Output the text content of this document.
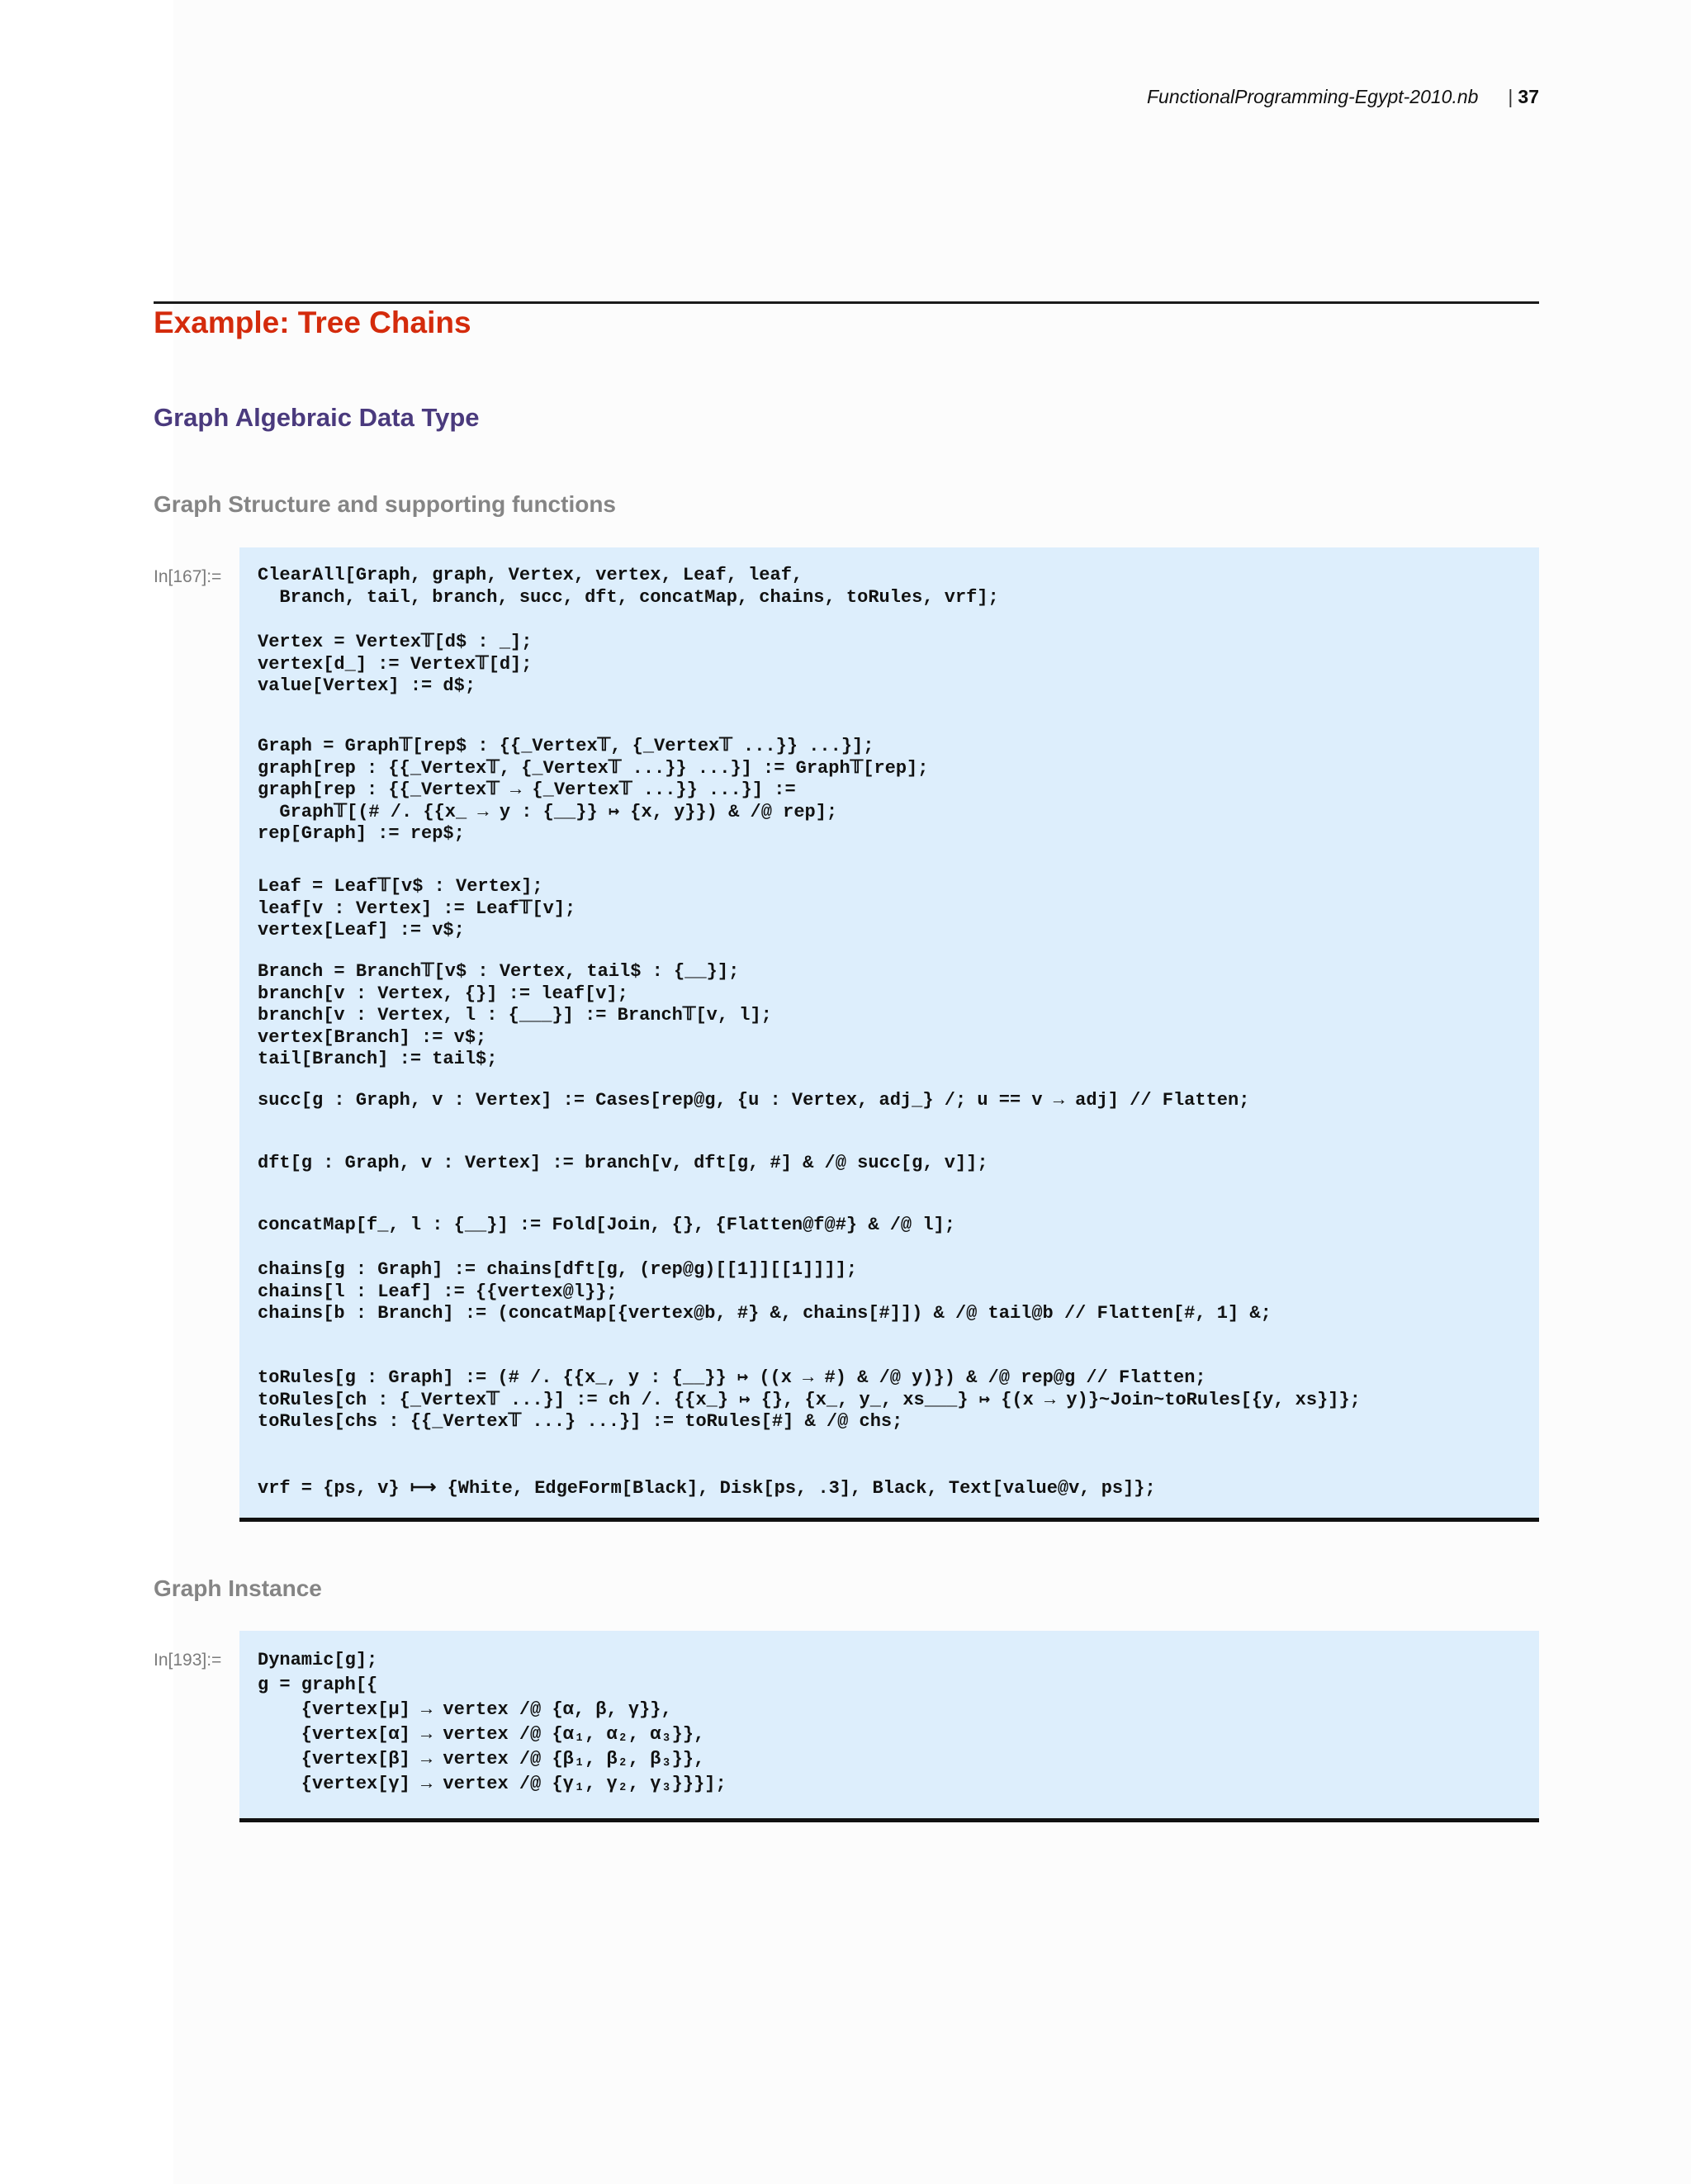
FunctionalProgramming-Egypt-2010.nb | 37
Example: Tree Chains
Graph Algebraic Data Type
Graph Structure and supporting functions
In[167]:= ClearAll[Graph, graph, Vertex, vertex, Leaf, leaf,
Branch, tail, branch, succ, dft, concatMap, chains, toRules, vrf];
Vertex = Vertex𝕋[d$ : _];
vertex[d_] := Vertex𝕋[d];
value[Vertex] := d$;
Graph = Graph𝕋[rep$ : {{_Vertex𝕋, {_Vertex𝕋 ...}} ...}];
graph[rep : {{_Vertex𝕋, {_Vertex𝕋 ...}} ...}] := Graph𝕋[rep];
graph[rep : {{_Vertex𝕋 → {_Vertex𝕋 ...}} ...}] :=
Graph𝕋[(# /. {{x_ → y : {__}} ↦ {x, y}}) & /@ rep];
rep[Graph] := rep$;
Leaf = Leaf𝕋[v$ : Vertex];
leaf[v : Vertex] := Leaf𝕋[v];
vertex[Leaf] := v$;
Branch = Branch𝕋[v$ : Vertex, tail$ : {__}];
branch[v : Vertex, {}] := leaf[v];
branch[v : Vertex, l : {___}] := Branch𝕋[v, l];
vertex[Branch] := v$;
tail[Branch] := tail$;
succ[g : Graph, v : Vertex] := Cases[rep@g, {u : Vertex, adj_} /; u == v → adj] // Flatten;
dft[g : Graph, v : Vertex] := branch[v, dft[g, #] & /@ succ[g, v]];
concatMap[f_, l : {__}] := Fold[Join, {}, {Flatten@f@#} & /@ l];
chains[g : Graph] := chains[dft[g, (rep@g)[[1]][[1]]]];
chains[l : Leaf] := {{vertex@l}};
chains[b : Branch] := (concatMap[{vertex@b, #} &, chains[#]]) & /@ tail@b // Flatten[#, 1] &;
toRules[g : Graph] := (# /. {{x_, y : {__}} ↦ ((x → #) & /@ y)}) & /@ rep@g // Flatten;
toRules[ch : {_Vertex𝕋 ...}] := ch /. {{x_} ↦ {}, {x_, y_, xs___} ↦ {(x → y)}~Join~toRules[{y, xs}]};
toRules[chs : {{_Vertex𝕋 ...} ...}] := toRules[#] & /@ chs;
vrf = {ps, v} ⟼ {White, EdgeForm[Black], Disk[ps, .3], Black, Text[value@v, ps]};
Graph Instance
In[193]:= Dynamic[g];
g = graph[{
{vertex[μ] → vertex /@ {α, β, γ}},
{vertex[α] → vertex /@ {α₁, α₂, α₃}},
{vertex[β] → vertex /@ {β₁, β₂, β₃}},
{vertex[γ] → vertex /@ {γ₁, γ₂, γ₃}}}];
